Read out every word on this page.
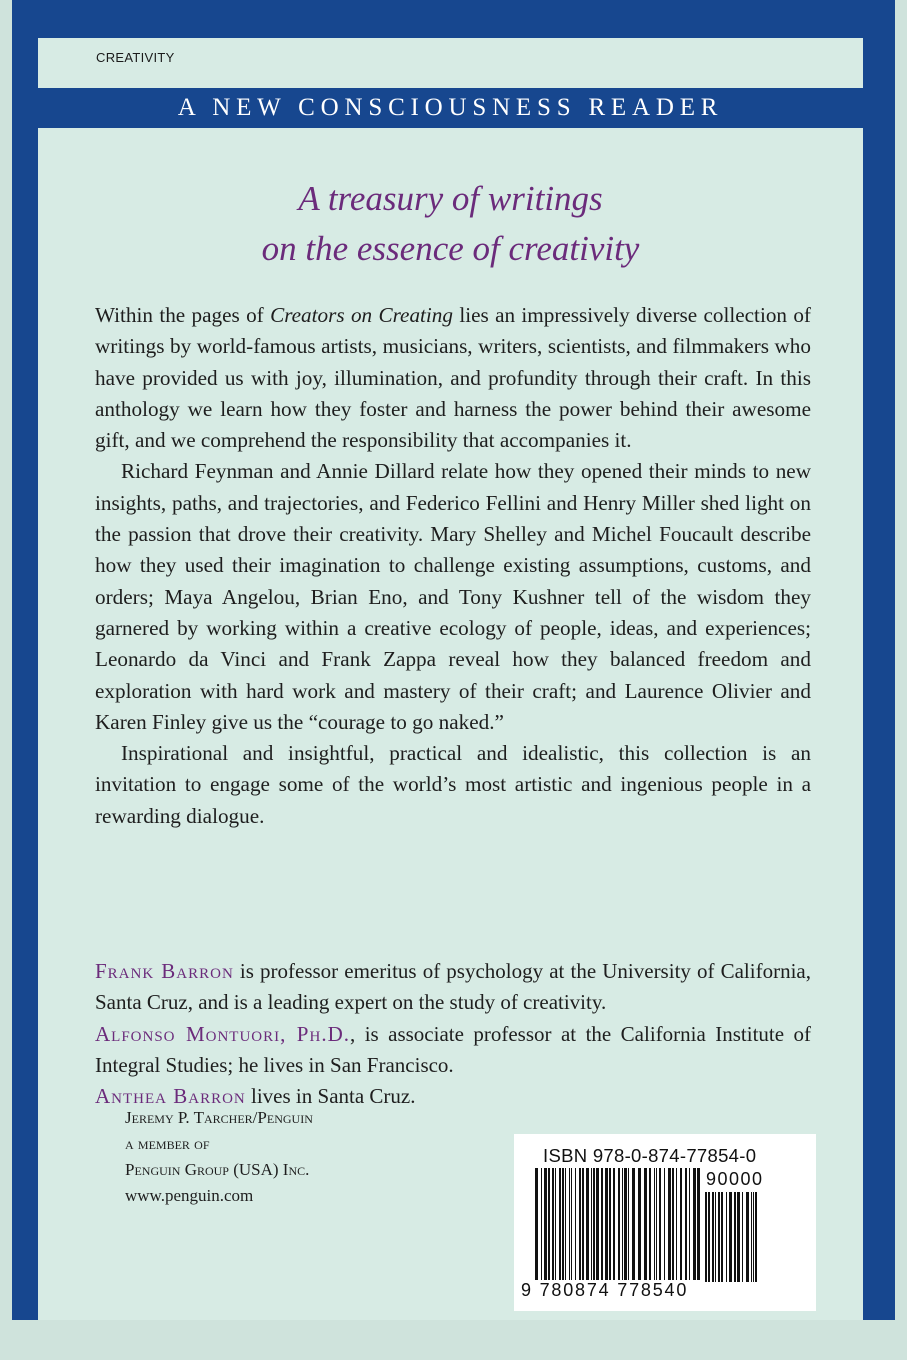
CREATIVITY
A treasury of writings
on the essence of creativity

Within the pages of Creators on Creating lies an impressively diverse collection of writings by world-famous artists, musicians, writers, scientists, and filmmakers who have provided us with joy, illumination, and profundity through their craft. In this anthology we learn how they foster and harness the power behind their awesome gift, and we comprehend the responsibility that accompanies it.

Richard Feynman and Annie Dillard relate how they opened their minds to new insights, paths, and trajectories, and Federico Fellini and Henry Miller shed light on the passion that drove their creativity. Mary Shelley and Michel Foucault describe how they used their imagination to challenge existing assumptions, customs, and orders; Maya Angelou, Brian Eno, and Tony Kushner tell of the wisdom they garnered by working within a creative ecology of people, ideas, and experiences; Leonardo da Vinci and Frank Zappa reveal how they balanced freedom and exploration with hard work and mastery of their craft; and Laurence Olivier and Karen Finley give us the “courage to go naked.”

Inspirational and insightful, practical and idealistic, this collection is an invitation to engage some of the world’s most artistic and ingenious people in a rewarding dialogue.

Frank Barron is professor emeritus of psychology at the University of California, Santa Cruz, and is a leading expert on the study of creativity.

Alfonso Montuori, Ph.D., is associate professor at the California Institute of Integral Studies; he lives in San Francisco.

Anthea Barron lives in Santa Cruz.

A NEW CONSCIOUSNESS READER
Jeremy P. Tarcher/Penguin
a member of
Penguin Group (USA) Inc.
www.penguin.com
ISBN 978-0-874-77854-0
90000
9 780874 778540
